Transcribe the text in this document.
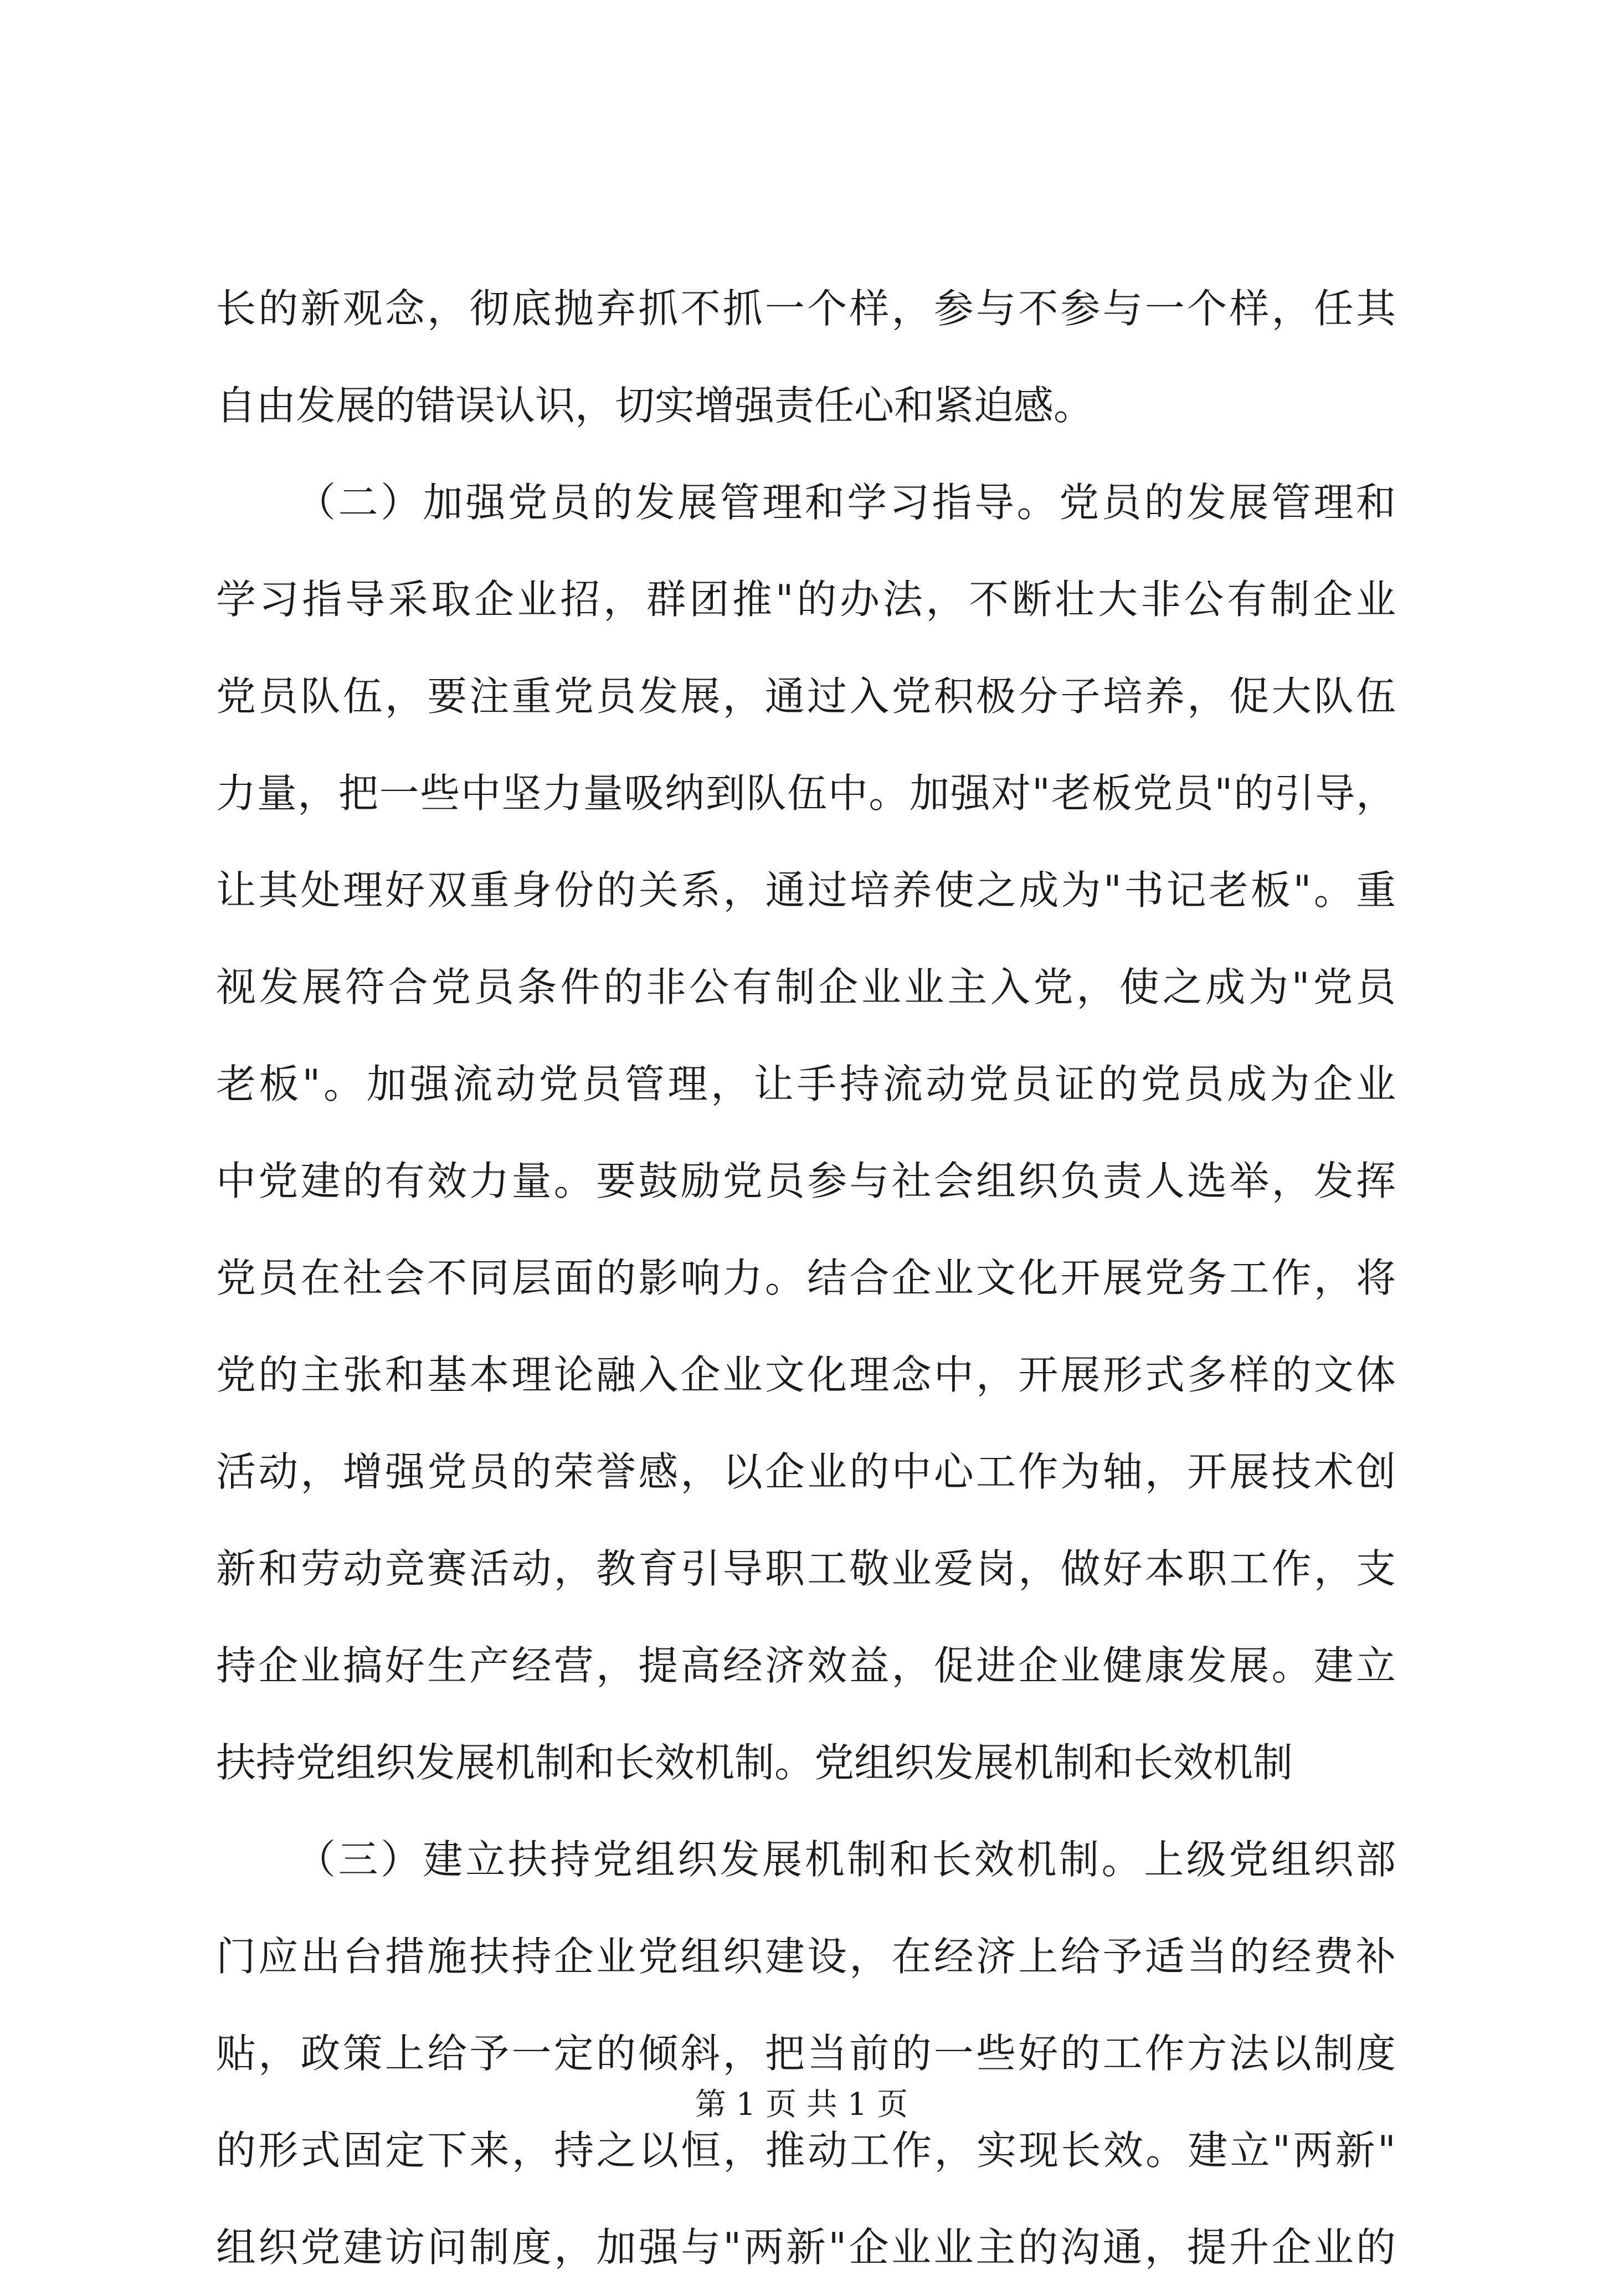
长的新观念，彻底抛弃抓不抓一个样，参与不参与一个样，任其
自由发展的错误认识，切实增强责任心和紧迫感。
（二）加强党员的发展管理和学习指导。党员的发展管理和
学习指导采取企业招，群团推"的办法，不断壮大非公有制企业
党员队伍，要注重党员发展，通过入党积极分子培养，促大队伍
力量，把一些中坚力量吸纳到队伍中。加强对"老板党员"的引导，
让其处理好双重身份的关系，通过培养使之成为"书记老板"。重
视发展符合党员条件的非公有制企业业主入党，使之成为"党员
老板"。加强流动党员管理，让手持流动党员证的党员成为企业
中党建的有效力量。要鼓励党员参与社会组织负责人选举，发挥
党员在社会不同层面的影响力。结合企业文化开展党务工作，将
党的主张和基本理论融入企业文化理念中，开展形式多样的文体
活动，增强党员的荣誉感，以企业的中心工作为轴，开展技术创
新和劳动竞赛活动，教育引导职工敬业爱岗，做好本职工作，支
持企业搞好生产经营，提高经济效益，促进企业健康发展。建立
扶持党组织发展机制和长效机制。党组织发展机制和长效机制
（三）建立扶持党组织发展机制和长效机制。上级党组织部
门应出台措施扶持企业党组织建设，在经济上给予适当的经费补
贴，政策上给予一定的倾斜，把当前的一些好的工作方法以制度
的形式固定下来，持之以恒，推动工作，实现长效。建立"两新"
组织党建访问制度，加强与"两新"企业业主的沟通，提升企业的
第 1 页 共 1 页
